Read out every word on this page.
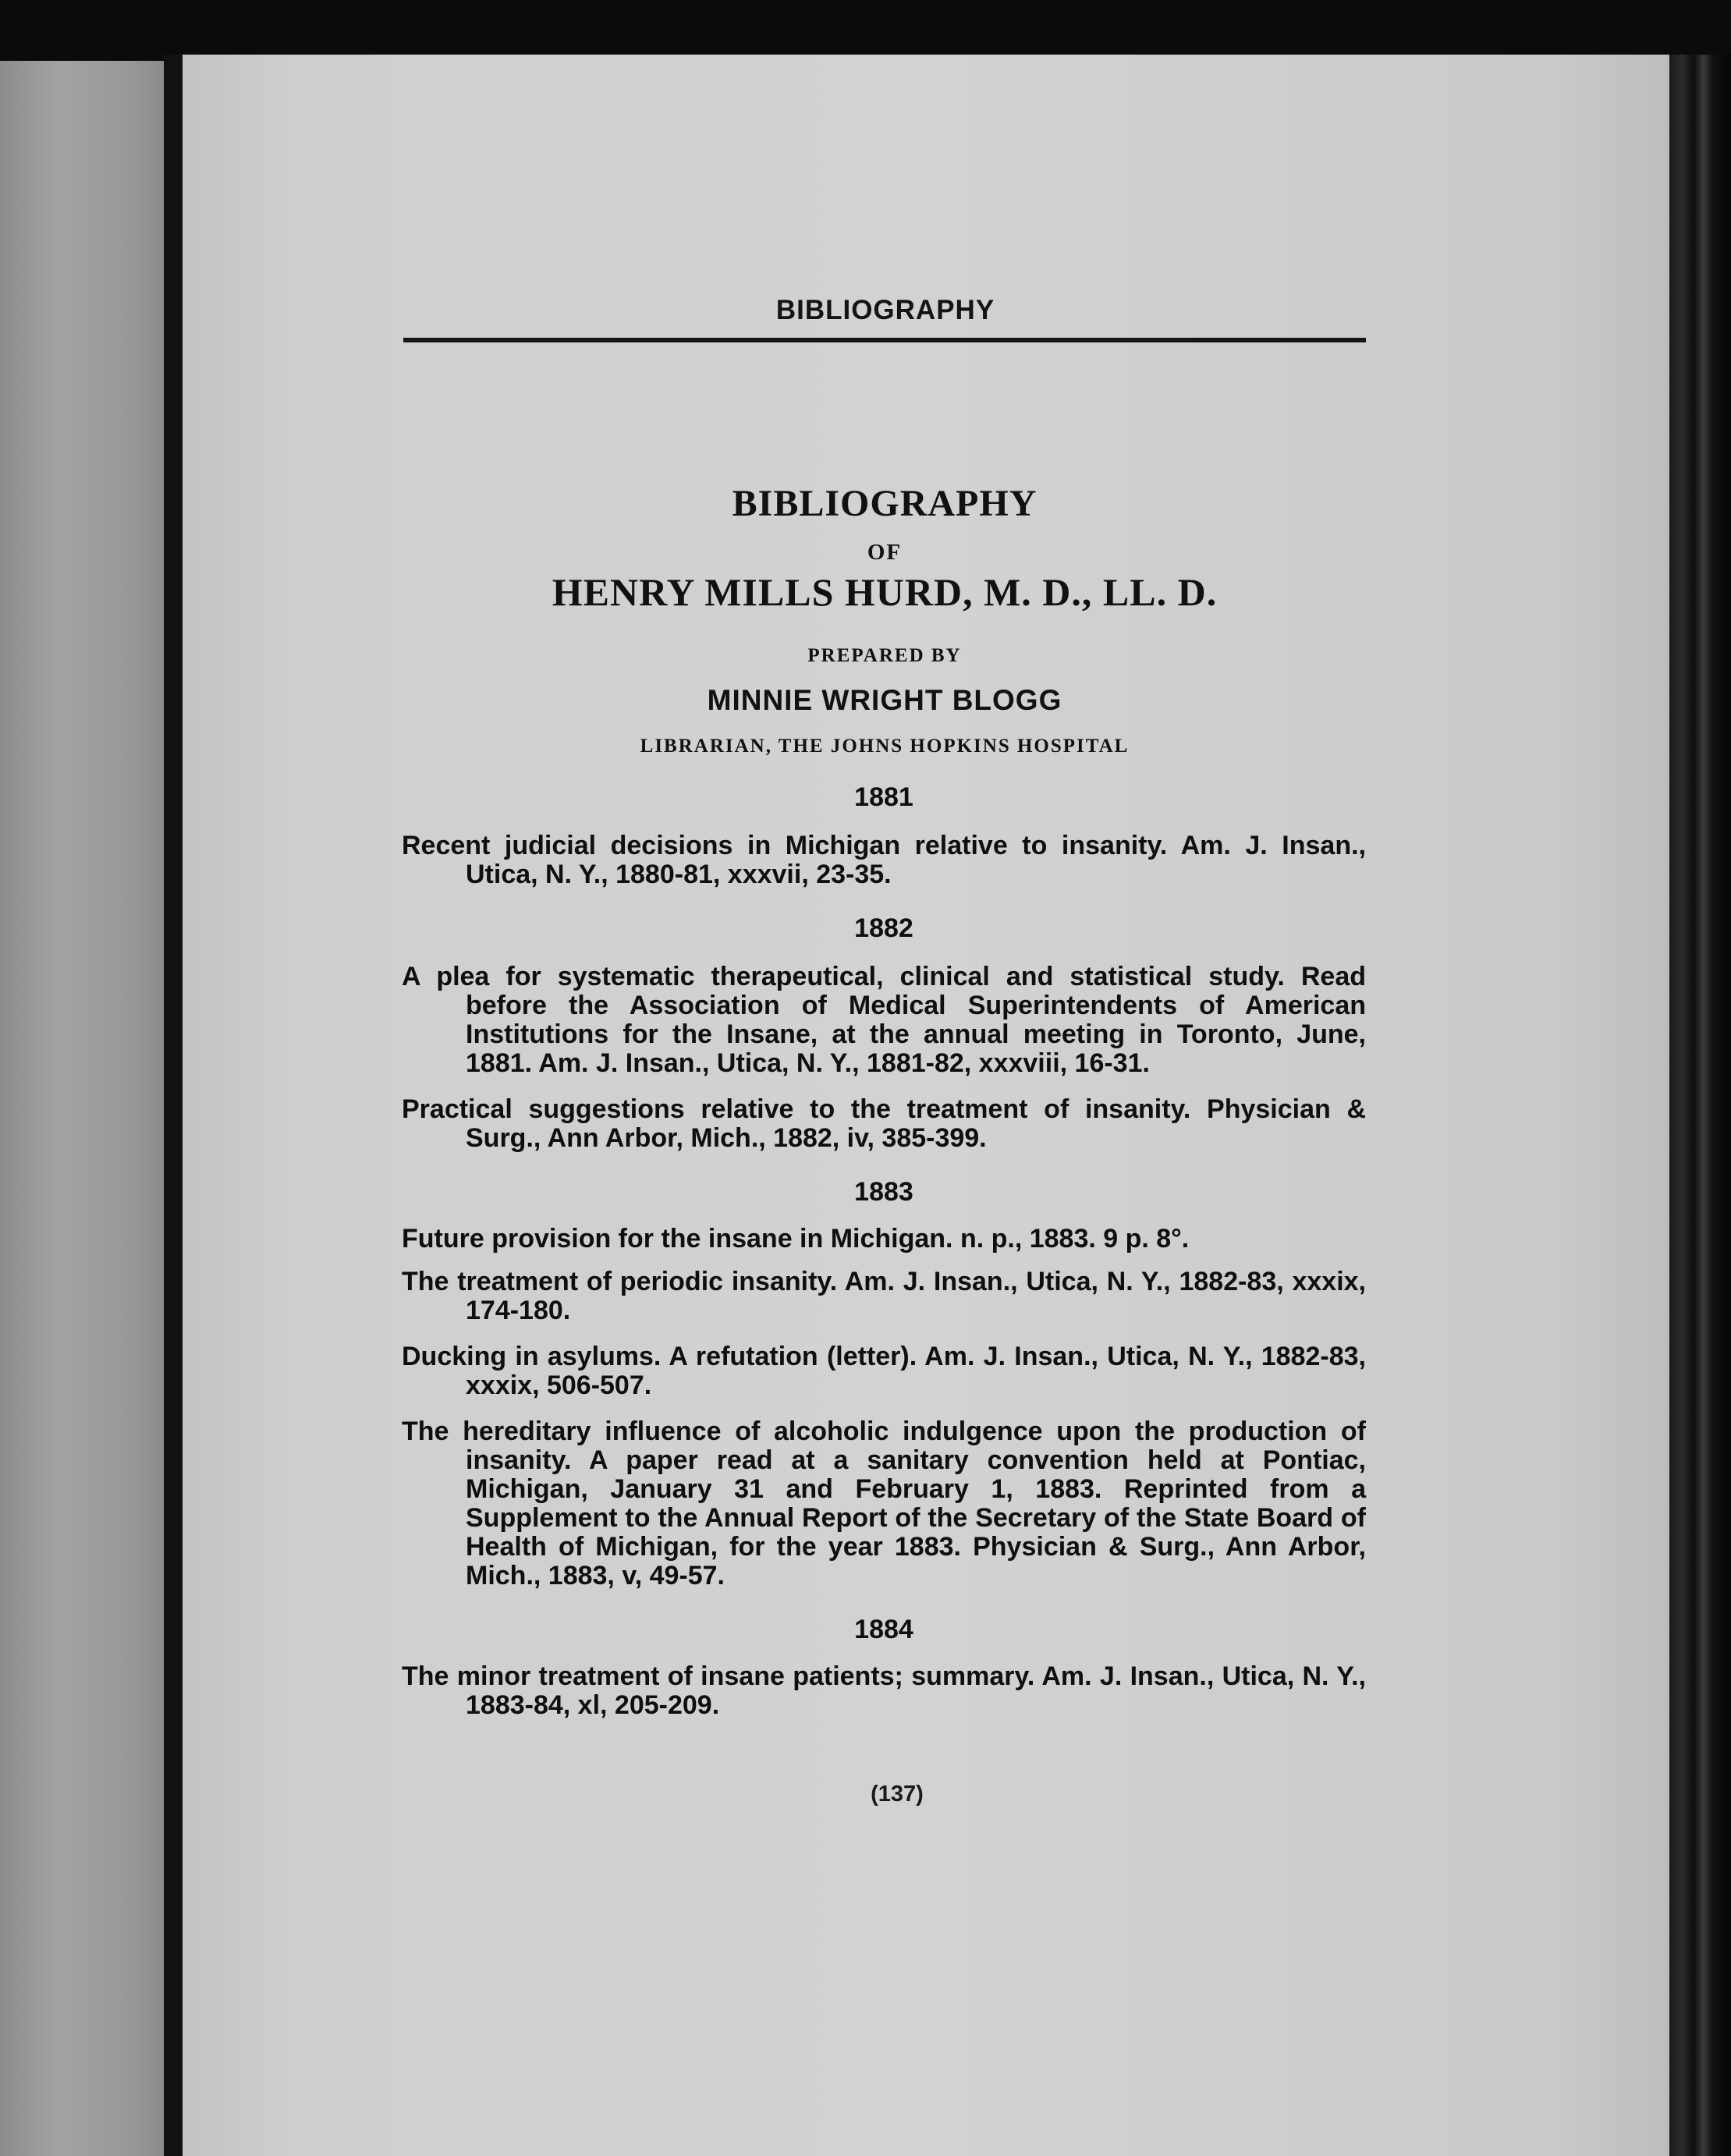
BIBLIOGRAPHY
BIBLIOGRAPHY
OF
HENRY MILLS HURD, M. D., LL. D.
PREPARED BY
MINNIE WRIGHT BLOGG
LIBRARIAN, THE JOHNS HOPKINS HOSPITAL
1881
Recent judicial decisions in Michigan relative to insanity. Am. J. Insan., Utica, N. Y., 1880-81, xxxvii, 23-35.
1882
A plea for systematic therapeutical, clinical and statistical study. Read before the Association of Medical Superintendents of American Institutions for the Insane, at the annual meeting in Toronto, June, 1881. Am. J. Insan., Utica, N. Y., 1881-82, xxxviii, 16-31.
Practical suggestions relative to the treatment of insanity. Physician & Surg., Ann Arbor, Mich., 1882, iv, 385-399.
1883
Future provision for the insane in Michigan. n. p., 1883. 9 p. 8°.
The treatment of periodic insanity. Am. J. Insan., Utica, N. Y., 1882-83, xxxix, 174-180.
Ducking in asylums. A refutation (letter). Am. J. Insan., Utica, N. Y., 1882-83, xxxix, 506-507.
The hereditary influence of alcoholic indulgence upon the production of insanity. A paper read at a sanitary convention held at Pontiac, Michigan, January 31 and February 1, 1883. Reprinted from a Supplement to the Annual Report of the Secretary of the State Board of Health of Michigan, for the year 1883. Physician & Surg., Ann Arbor, Mich., 1883, v, 49-57.
1884
The minor treatment of insane patients; summary. Am. J. Insan., Utica, N. Y., 1883-84, xl, 205-209.
(137)
